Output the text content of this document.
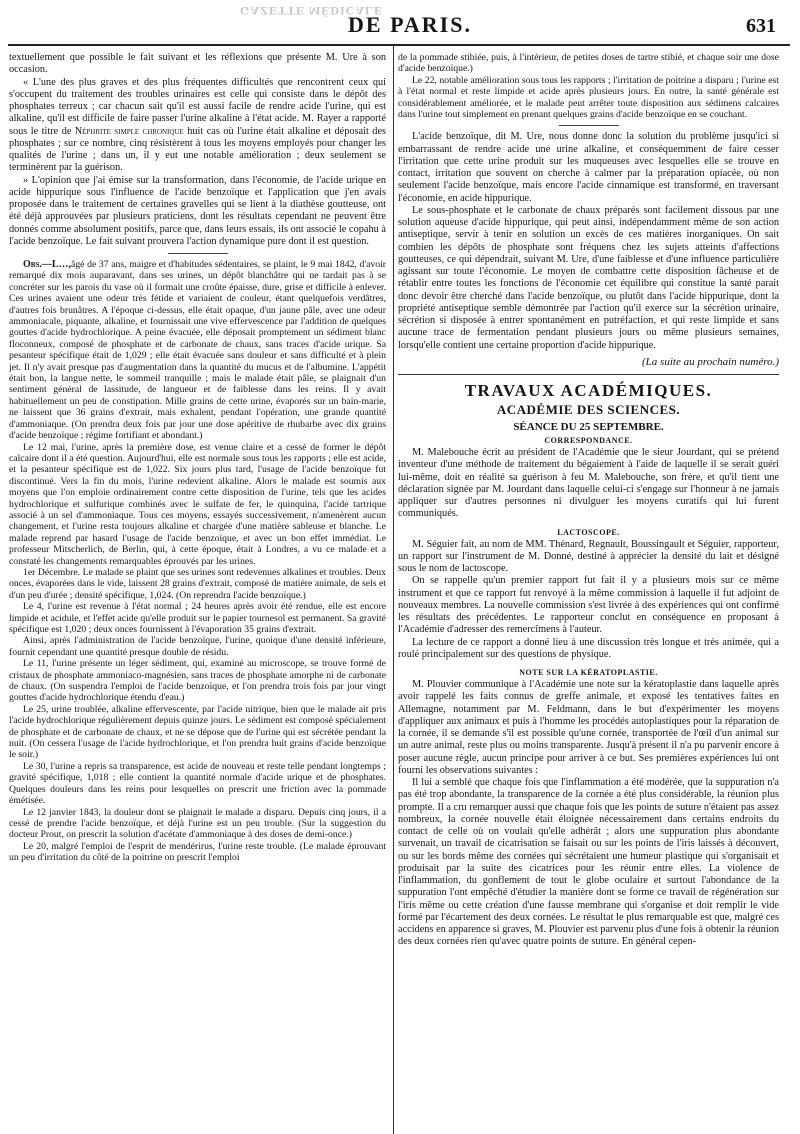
GAZETTE MÉDICALE
DE PARIS.	631

textuellement que possible le fait suivant et les réflexions que présente M. Ure à son occasion.

« L'une des plus graves et des plus fréquentes difficultés que rencontrent ceux qui s'occupent du traitement des troubles urinaires est celle qui consiste dans le dépôt des phosphates terreux ; car chacun sait qu'il est aussi facile de rendre acide l'urine, qui est alkaline, qu'il est difficile de faire passer l'urine alkaline à l'état acide. M. Rayer a rapporté sous le titre de Néphrite simple chronique huit cas où l'urine était alkaline et déposait des phosphates ; sur ce nombre, cinq résistèrent à tous les moyens employés pour changer les qualités de l'urine ; dans un, il y eut une notable amélioration ; deux seulement se terminèrent par la guérison.

» L'opinion que j'ai émise sur la transformation, dans l'économie, de l'acide urique en acide hippurique sous l'influence de l'acide benzoïque et l'application que j'en avais proposée dans le traitement de certaines gravelles qui se lient à la diathèse goutteuse, ont été déjà approuvées par plusieurs praticiens, dont les résultats cependant ne peuvent être donnés comme absolument positifs, parce que, dans leurs essais, ils ont associé le copahu à l'acide benzoïque. Le fait suivant prouvera l'action dynamique pure dont il est question.

Obs.—L…,âgé de 37 ans, maigre et d'habitudes sédentaires, se plaint, le 9 mai 1842, d'avoir remarqué dix mois auparavant, dans ses urines, un dépôt blanchâtre qui ne tardait pas à se concréter sur les parois du vase où il formait une croûte épaisse, dure, grise et difficile à enlever. Ces urines avaient une odeur très fétide et variaient de couleur, étant quelquefois verdâtres, d'autres fois brunâtres. A l'époque ci-dessus, elle était opaque, d'un jaune pâle, avec une odeur ammoniacale, piquante, alkaline, et fournissait une vive effervescence par l'addition de quelques gouttes d'acide hydrochlorique. A peine évacuée, elle déposait promptement un sédiment blanc floconneux, composé de phosphate et de carbonate de chaux, sans traces d'acide urique. Sa pesanteur spécifique était de 1,029 ; elle était évacuée sans douleur et sans difficulté et à plein jet. Il n'y avait presque pas d'augmentation dans la quantité du mucus et de l'albumine. L'appétit était bon, la langue nette, le sommeil tranquille ; mais le malade était pâle, se plaignait d'un sentiment général de lassitude, de langueur et de faiblesse dans les reins. Il y avait habituellement un peu de constipation. Mille grains de cette urine, évaporés sur un bain-marie, ne laissent que 36 grains d'extrait, mais exhalent, pendant l'opération, une grande quantité d'ammoniaque. (On prendra deux fois par jour une dose apéritive de rhubarbe avec dix grains d'acide benzoïque ; régime fortifiant et abondant.)

Le 12 mai, l'urine, après la première dose, est venue claire et a cessé de former le dépôt calcaire dont il a été question. Aujourd'hui, elle est normale sous tous les rapports ; elle est acide, et la pesanteur spécifique est de 1,022. Six jours plus tard, l'usage de l'acide benzoïque fut discontinué. Vers la fin du mois, l'urine redevient alkaline. Alors le malade est soumis aux moyens que l'on emploie ordinairement contre cette disposition de l'urine, tels que les acides hydrochlorique et sulfurique combinés avec le sulfate de fer, le quinquina, l'acide tartrique associé à un sel d'ammoniaque. Tous ces moyens, essayés successivement, n'amenèrent aucun changement, et l'urine resta toujours alkaline et chargée d'une matière sableuse et blanche. Le malade reprend par hasard l'usage de l'acide benzoïque, et avec un bon effet immédiat. Le professeur Mitscherlich, de Berlin, qui, à cette époque, était à Londres, a vu ce malade et a constaté les changements remarquables éprouvés par les urines.

1er Décembre. Le malade se plaint que ses urines sont redevenues alkalines et troubles. Deux onces, évaporées dans le vide, laissent 28 grains d'extrait, composé de matière animale, de sels et d'un peu d'urée ; densité spécifique, 1,024. (On reprendra l'acide benzoïque.)

Le 4, l'urine est revenue à l'état normal ; 24 heures après avoir été rendue, elle est encore limpide et acidule, et l'effet acide qu'elle produit sur le papier tournesol est permanent. Sa gravité spécifique est 1,020 ; deux onces fournissent à l'évaporation 35 grains d'extrait.

Ainsi, après l'administration de l'acide benzoïque, l'urine, quoique d'une densité inférieure, fournit cependant une quantité presque double de résidu.

Le 11, l'urine présente un léger sédiment, qui, examiné au microscope, se trouve formé de cristaux de phosphate ammoniaco-magnésien, sans traces de phosphate amorphe ni de carbonate de chaux. (On suspendra l'emploi de l'acide benzoïque, et l'on prendra trois fois par jour vingt gouttes d'acide hydrochlorique étendu d'eau.)

Le 25, urine troublée, alkaline effervescente, par l'acide nitrique, bien que le malade ait pris l'acide hydrochlorique régulièrement depuis quinze jours. Le sédiment est composé spécialement de phosphate et de carbonate de chaux, et ne se dépose que de l'urine qui est sécrétée pendant la nuit. (On cessera l'usage de l'acide hydrochlorique, et l'on prendra huit grains d'acide benzoïque le soir.)

Le 30, l'urine a repris sa transparence, est acide de nouveau et reste telle pendant longtemps ; gravité spécifique, 1,018 ; elle contient la quantité normale d'acide urique et de phosphates. Quelques douleurs dans les reins pour lesquelles on prescrit une friction avec la pommade émétisée.

Le 12 janvier 1843, la douleur dont se plaignait le malade a disparu. Depuis cinq jours, il a cessé de prendre l'acide benzoïque, et déjà l'urine est un peu trouble. (Sur la suggestion du docteur Prout, on prescrit la solution d'acétate d'ammoniaque à des doses de demi-once.)

Le 20, malgré l'emploi de l'esprit de mendérirus, l'urine reste trouble. (Le malade éprouvant un peu d'irritation du côté de la poitrine on prescrit l'emploi

de la pommade stibiée, puis, à l'intérieur, de petites doses de tartre stibié, et chaque soir une dose d'acide benzoïque.)

Le 22, notable amélioration sous tous les rapports ; l'irritation de poitrine a disparu ; l'urine est à l'état normal et reste limpide et acide après plusieurs jours. En outre, la santé générale est considérablement améliorée, et le malade peut arrêter toute disposition aux sédimens calcaires dans l'urine tout simplement en prenant quelques grains d'acide benzoïque en se couchant.

L'acide benzoïque, dit M. Ure, nous donne donc la solution du problème jusqu'ici si embarrassant de rendre acide une urine alkaline, et conséquemment de faire cesser l'irritation que cette urine produit sur les muqueuses avec lesquelles elle se trouve en contact, irritation que souvent on cherche à calmer par la préparation opiacée, où non seulement l'acide benzoïque, mais encore l'acide cinnamique est transformé, en traversant l'économie, en acide hippurique.

Le sous-phosphate et le carbonate de chaux préparés sont facilement dissous par une solution aqueuse d'acide hippurique, qui peut ainsi, indépendamment même de son action antiseptique, servir à tenir en solution un excès de ces matières inorganiques. On sait combien les dépôts de phosphate sont fréquens chez les sujets atteints d'affections goutteuses, ce qui dépendrait, suivant M. Ure, d'une faiblesse et d'une influence particulière agissant sur toute l'économie. Le moyen de combattre cette disposition fâcheuse et de rétablir entre toutes les fonctions de l'économie cet équilibre qui constitue la santé parait donc devoir être cherché dans l'acide benzoïque, ou plutôt dans l'acide hippurique, dont la propriété antiseptique semble démontrée par l'action qu'il exerce sur la sécrétion urinaire, sécrétion si disposée à entrer spontanément en putréfaction, et qui reste limpide et sans aucune trace de fermentation pendant plusieurs jours ou même plusieurs semaines, lorsqu'elle contient une certaine proportion d'acide hippurique.

(La suite au prochain numéro.)

TRAVAUX ACADÉMIQUES.

ACADÉMIE DES SCIENCES.

SÉANCE DU 25 SEPTEMBRE.

CORRESPONDANCE.

M. Malebouche écrit au président de l'Académie que le sieur Jourdant, qui se prétend inventeur d'une méthode de traitement du bégaiement à l'aide de laquelle il se serait guéri lui-même, doit en réalité sa guérison à feu M. Malebouche, son frère, et qu'il tient une déclaration signée par M. Jourdant dans laquelle celui-ci s'engage sur l'honneur à ne jamais appliquer sur d'autres personnes ni divulguer les moyens curatifs qui lui furent communiqués.

LACTOSCOPE.

M. Séguier fait, au nom de MM. Thénard, Regnault, Boussingault et Séguier, rapporteur, un rapport sur l'instrument de M. Donné, destiné à apprécier la densité du lait et désigné sous le nom de lactoscope.

On se rappelle qu'un premier rapport fut fait il y a plusieurs mois sur ce même instrument et que ce rapport fut renvoyé à la même commission à laquelle il fut adjoint de nouveaux membres. La nouvelle commission s'est livrée à des expériences qui ont confirmé les résultats des précédentes. Le rapporteur conclut en conséquence en proposant à l'Académie d'adresser des remercîmens à l'auteur.

La lecture de ce rapport a donné lieu à une discussion très longue et très animée, qui a roulé principalement sur des questions de physique.

NOTE SUR LA KÉRATOPLASTIE.

M. Plouvier communique à l'Académie une note sur la kératoplastie dans laquelle après avoir rappelé les faits connus de greffe animale, et exposé les tentatives faites en Allemagne, notamment par M. Feldmann, dans le but d'expérimenter les moyens d'appliquer aux animaux et puis à l'homme les procédés autoplastiques pour la réparation de la cornée, il se demande s'il est possible qu'une cornée, transportée de l'œil d'un animal sur un autre animal, reste plus ou moins transparente. Jusqu'à présent il n'a pu parvenir encore à poser aucune règle, aucun principe pour arriver à ce but. Ses premières expériences lui ont fourni les observations suivantes :

Il lui a semblé que chaque fois que l'inflammation a été modérée, que la suppuration n'a pas été trop abondante, la transparence de la cornée a été plus considérable, la réunion plus prompte. Il a cru remarquer aussi que chaque fois que les points de suture n'étaient pas assez nombreux, la cornée nouvelle était éloignée nécessairement dans certains endroits du contact de celle où on voulait qu'elle adhérât ; alors une suppuration plus abondante survenait, un travail de cicatrisation se faisait ou sur les points de l'iris laissés à découvert, ou sur les bords même des cornées qui sécrétaient une humeur plastique qui s'organisait et produisait par la suite des cicatrices pour les réunir entre elles. La violence de l'inflammation, du gonflement de tout le globe oculaire et surtout l'abondance de la suppuration l'ont empêché d'étudier la manière dont se forme ce travail de régénération sur l'iris même ou cette création d'une fausse membrane qui s'organise et doit remplir le vide formé par l'écartement des deux cornées. Le résultat le plus remarquable est que, malgré ces accidens en apparence si graves, M. Plouvier est parvenu plus d'une fois à obtenir la réunion des deux cornées rien qu'avec quatre points de suture. En général cepen-
